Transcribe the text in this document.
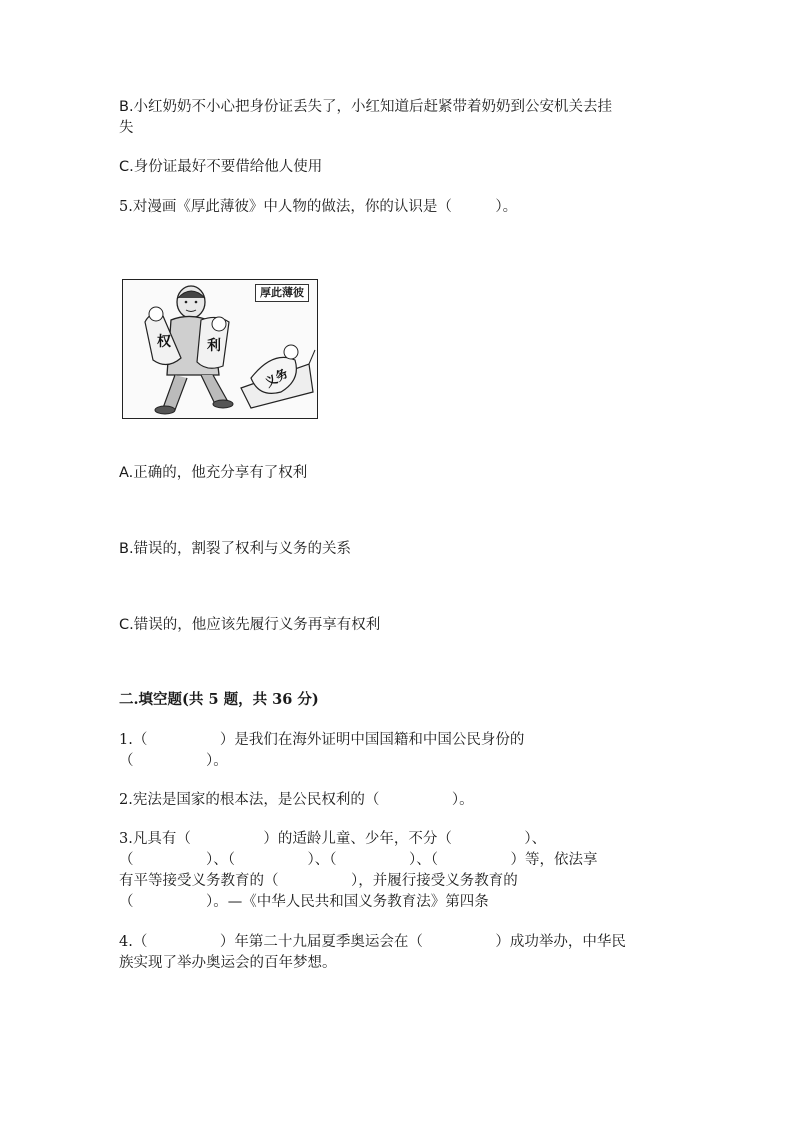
B.小红奶奶不小心把身份证丢失了，小红知道后赶紧带着奶奶到公安机关去挂
失
C.身份证最好不要借给他人使用
5.对漫画《厚此薄彼》中人物的做法，你的认识是（　　　）。
权	利
义务
厚此薄彼
A.正确的，他充分享有了权利
B.错误的，割裂了权利与义务的关系
C.错误的，他应该先履行义务再享有权利
二.填空题(共 5 题，共 36 分)
1.（　　　　　）是我们在海外证明中国国籍和中国公民身份的
（　　　　　）。
2.宪法是国家的根本法，是公民权利的（　　　　　）。
3.凡具有（　　　　　）的适龄儿童、少年，不分（　　　　　）、
（　　　　　）、（　　　　　）、（　　　　　）、（　　　　　）等，依法享
有平等接受义务教育的（　　　　　），并履行接受义务教育的
（　　　　　）。—《中华人民共和国义务教育法》第四条
4.（　　　　　）年第二十九届夏季奥运会在（　　　　　）成功举办，中华民
族实现了举办奥运会的百年梦想。
